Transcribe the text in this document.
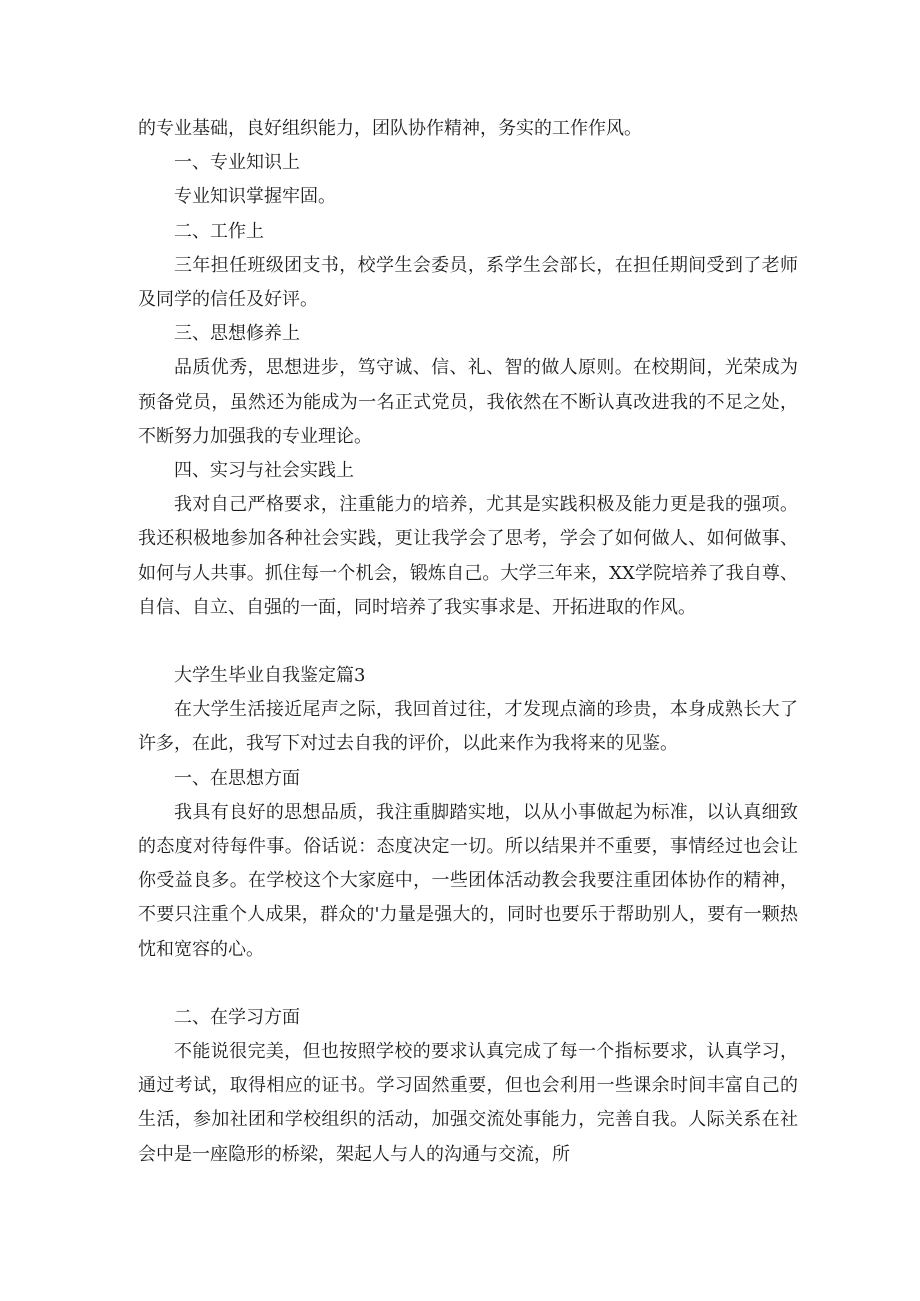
的专业基础，良好组织能力，团队协作精神，务实的工作作风。

一、专业知识上

专业知识掌握牢固。

二、工作上

三年担任班级团支书，校学生会委员，系学生会部长，在担任期间受到了老师及同学的信任及好评。

三、思想修养上

品质优秀，思想进步，笃守诚、信、礼、智的做人原则。在校期间，光荣成为预备党员，虽然还为能成为一名正式党员，我依然在不断认真改进我的不足之处，不断努力加强我的专业理论。

四、实习与社会实践上

我对自己严格要求，注重能力的培养，尤其是实践积极及能力更是我的强项。我还积极地参加各种社会实践，更让我学会了思考，学会了如何做人、如何做事、如何与人共事。抓住每一个机会，锻炼自己。大学三年来，XX学院培养了我自尊、自信、自立、自强的一面，同时培养了我实事求是、开拓进取的作风。

大学生毕业自我鉴定篇3

在大学生活接近尾声之际，我回首过往，才发现点滴的珍贵，本身成熟长大了许多，在此，我写下对过去自我的评价，以此来作为我将来的见鉴。

一、在思想方面

我具有良好的思想品质，我注重脚踏实地，以从小事做起为标准，以认真细致的态度对待每件事。俗话说：态度决定一切。所以结果并不重要，事情经过也会让你受益良多。在学校这个大家庭中，一些团体活动教会我要注重团体协作的精神，不要只注重个人成果，群众的'力量是强大的，同时也要乐于帮助别人，要有一颗热忱和宽容的心。

二、在学习方面

不能说很完美，但也按照学校的要求认真完成了每一个指标要求，认真学习，通过考试，取得相应的证书。学习固然重要，但也会利用一些课余时间丰富自己的生活，参加社团和学校组织的活动，加强交流处事能力，完善自我。人际关系在社会中是一座隐形的桥梁，架起人与人的沟通与交流，所
